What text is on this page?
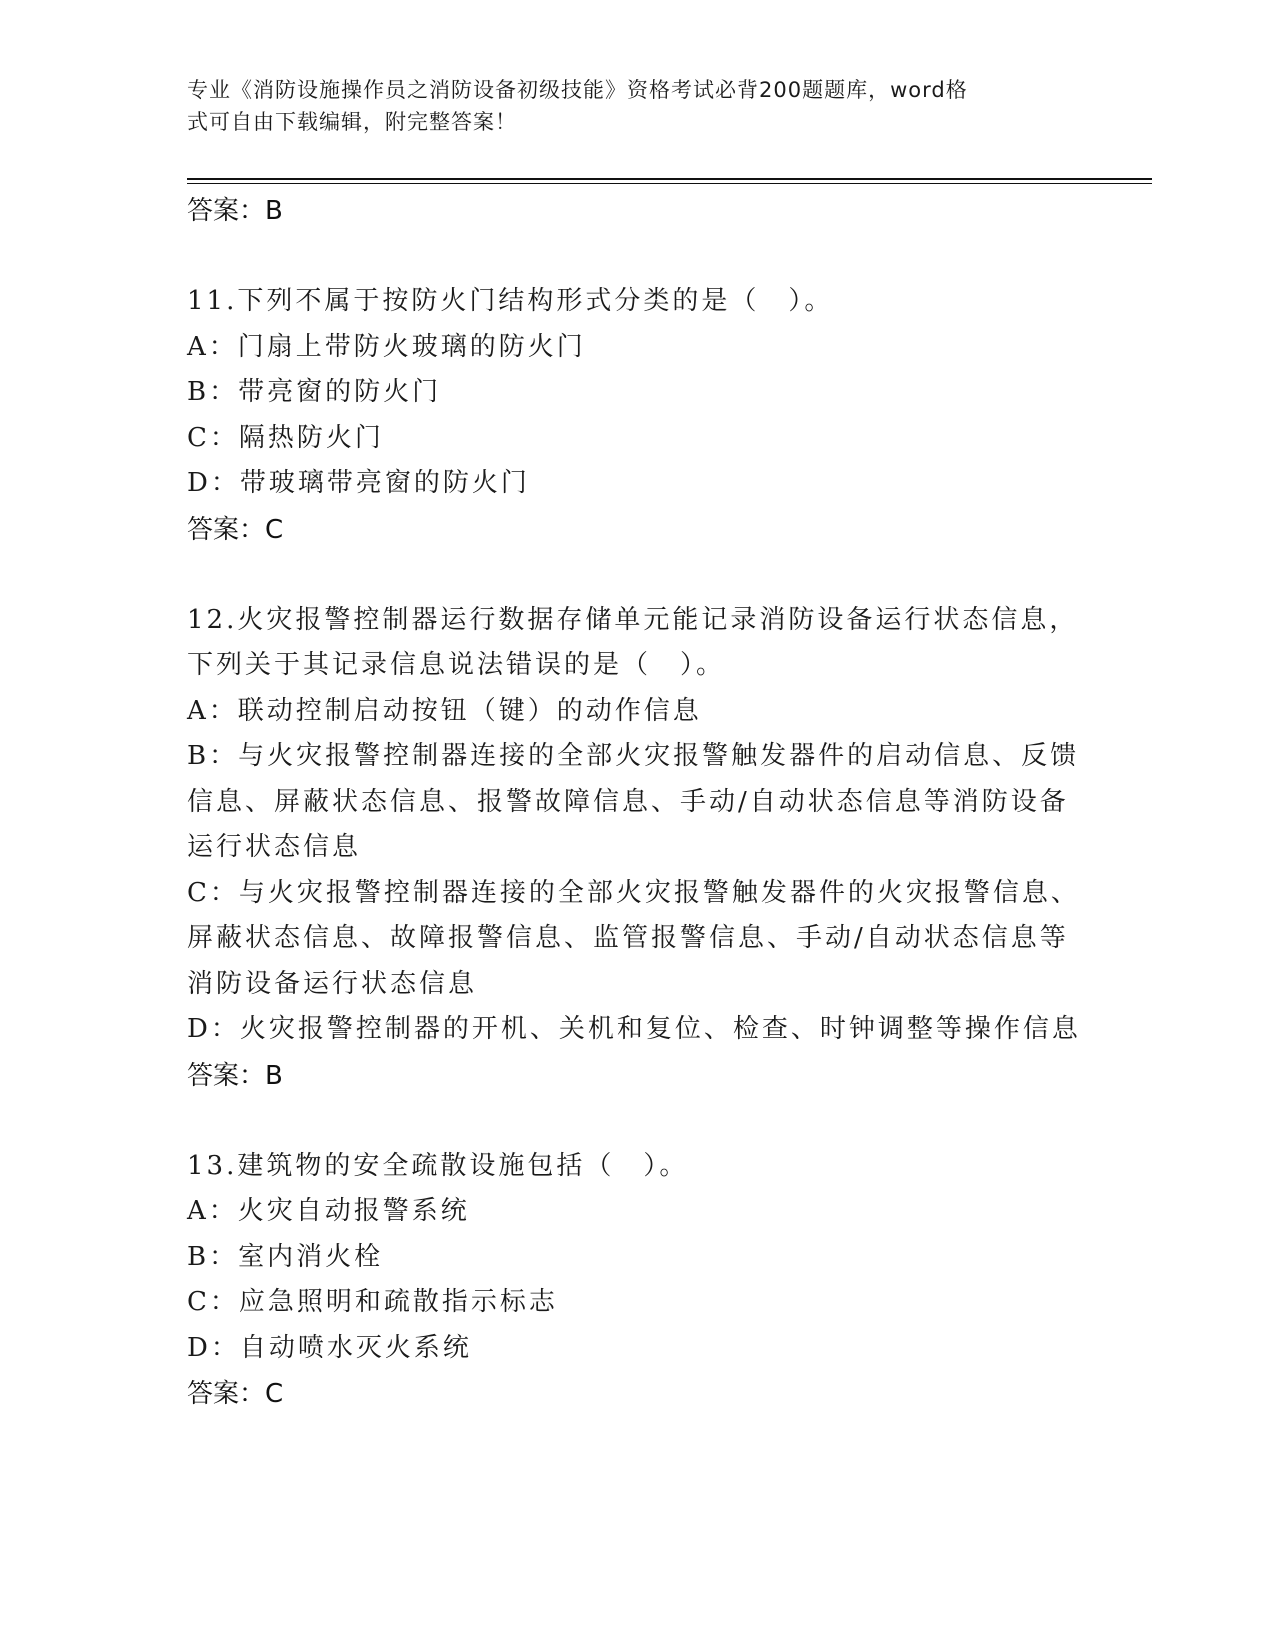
专业《消防设施操作员之消防设备初级技能》资格考试必背200题题库，word格
式可自由下载编辑，附完整答案！
答案：B
11.下列不属于按防火门结构形式分类的是（　）。
A：门扇上带防火玻璃的防火门
B：带亮窗的防火门
C：隔热防火门
D：带玻璃带亮窗的防火门
答案：C
12.火灾报警控制器运行数据存储单元能记录消防设备运行状态信息，
下列关于其记录信息说法错误的是（　）。
A：联动控制启动按钮（键）的动作信息
B：与火灾报警控制器连接的全部火灾报警触发器件的启动信息、反馈
信息、屏蔽状态信息、报警故障信息、手动/自动状态信息等消防设备
运行状态信息
C：与火灾报警控制器连接的全部火灾报警触发器件的火灾报警信息、
屏蔽状态信息、故障报警信息、监管报警信息、手动/自动状态信息等
消防设备运行状态信息
D：火灾报警控制器的开机、关机和复位、检查、时钟调整等操作信息
答案：B
13.建筑物的安全疏散设施包括（　）。
A：火灾自动报警系统
B：室内消火栓
C：应急照明和疏散指示标志
D：自动喷水灭火系统
答案：C
